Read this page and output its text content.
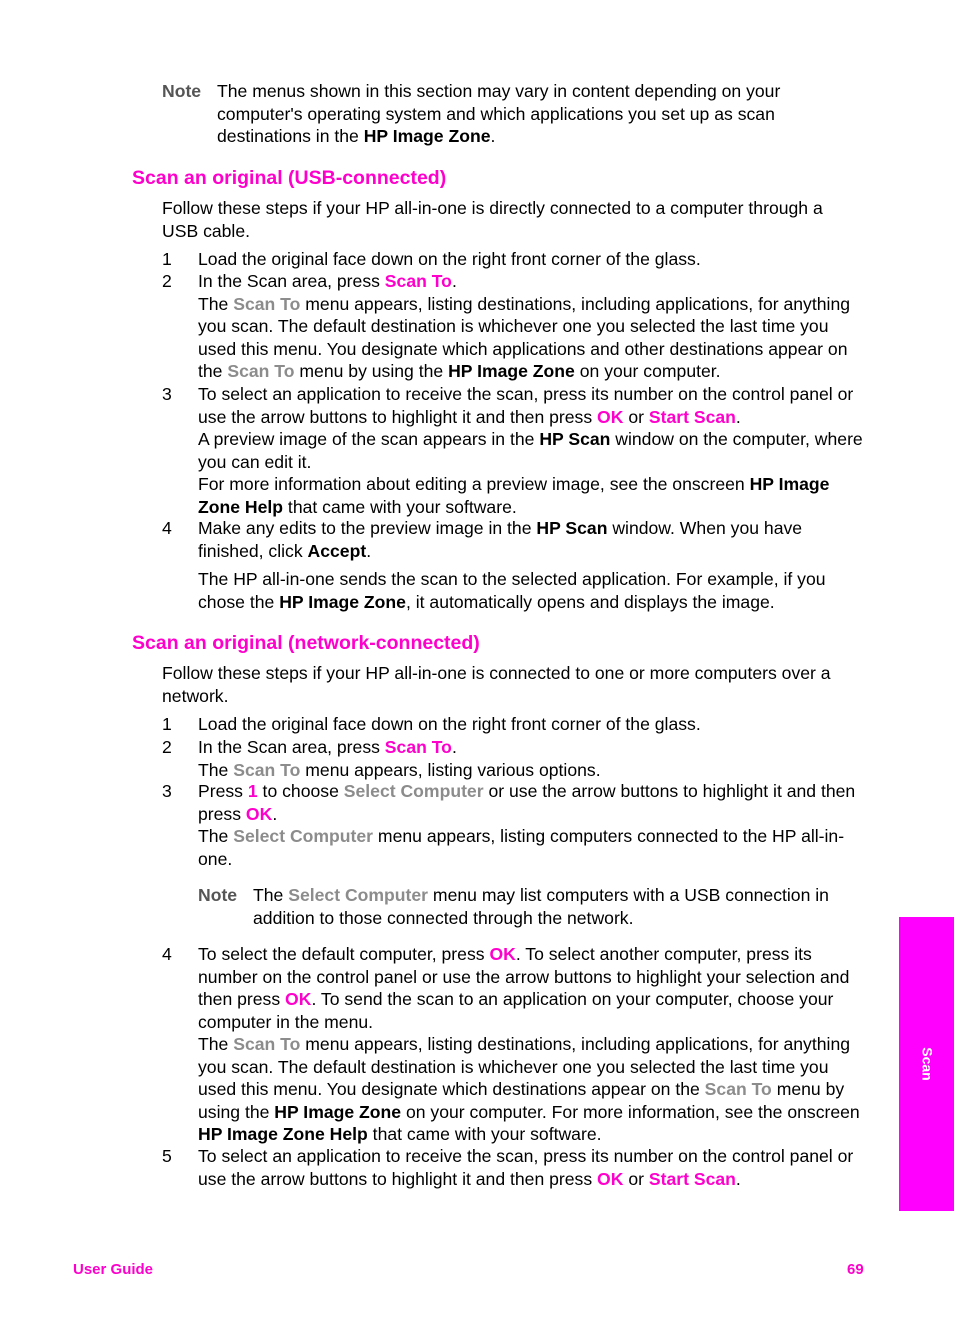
Note The menus shown in this section may vary in content depending on your computer's operating system and which applications you set up as scan destinations in the HP Image Zone.

Scan an original (USB-connected)

Follow these steps if your HP all-in-one is directly connected to a computer through a USB cable.

1 Load the original face down on the right front corner of the glass.

2 In the Scan area, press Scan To.

The Scan To menu appears, listing destinations, including applications, for anything you scan. The default destination is whichever one you selected the last time you used this menu. You designate which applications and other destinations appear on the Scan To menu by using the HP Image Zone on your computer.

3 To select an application to receive the scan, press its number on the control panel or use the arrow buttons to highlight it and then press OK or Start Scan.

A preview image of the scan appears in the HP Scan window on the computer, where you can edit it.

For more information about editing a preview image, see the onscreen HP Image Zone Help that came with your software.

4 Make any edits to the preview image in the HP Scan window. When you have finished, click Accept.

The HP all-in-one sends the scan to the selected application. For example, if you chose the HP Image Zone, it automatically opens and displays the image.

Scan an original (network-connected)

Follow these steps if your HP all-in-one is connected to one or more computers over a network.

1 Load the original face down on the right front corner of the glass.

2 In the Scan area, press Scan To.

The Scan To menu appears, listing various options.

3 Press 1 to choose Select Computer or use the arrow buttons to highlight it and then press OK.

The Select Computer menu appears, listing computers connected to the HP all-in-one.

Note The Select Computer menu may list computers with a USB connection in addition to those connected through the network.

4 To select the default computer, press OK. To select another computer, press its number on the control panel or use the arrow buttons to highlight your selection and then press OK. To send the scan to an application on your computer, choose your computer in the menu.

The Scan To menu appears, listing destinations, including applications, for anything you scan. The default destination is whichever one you selected the last time you used this menu. You designate which destinations appear on the Scan To menu by using the HP Image Zone on your computer. For more information, see the onscreen HP Image Zone Help that came with your software.

5 To select an application to receive the scan, press its number on the control panel or use the arrow buttons to highlight it and then press OK or Start Scan.

Scan
User Guide	69
